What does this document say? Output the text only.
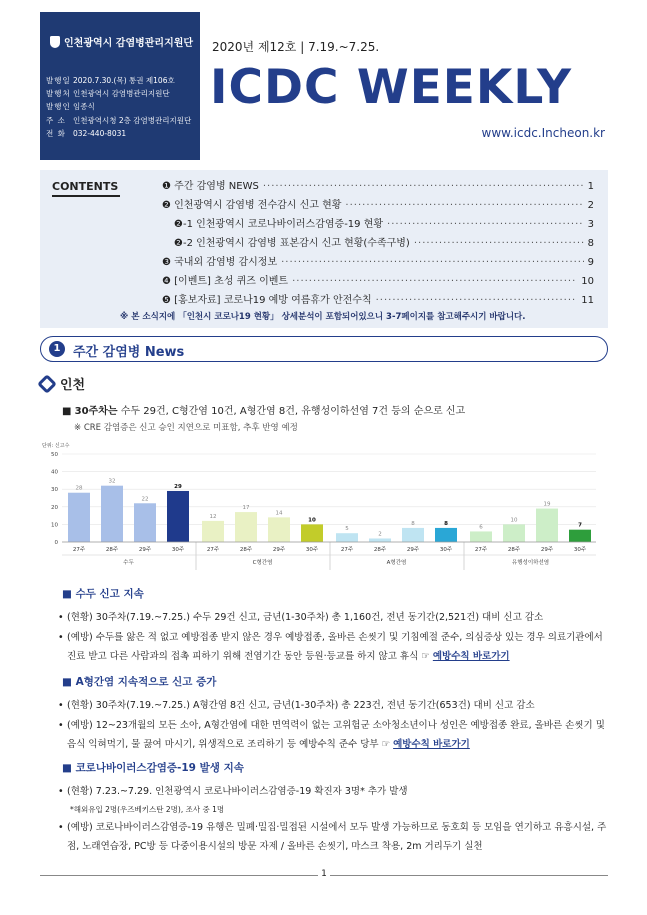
인천광역시 감염병관리지원단
발행일 2020.7.30.(목) 통권 제106호
발행처 인천광역시 감염병관리지원단
발행인 임종식
주 소 인천광역시청 2층 감염병관리지원단
전 화 032-440-8031
2020년 제12호 | 7.19.~7.25.
ICDC WEEKLY
www.icdc.Incheon.kr
CONTENTS	❶ 주간 감염병 NEWS ·····	1
❷ 인천광역시 감염병 전수감시 신고 현황 ·····	2
❷-1 인천광역시 코로나바이러스감염증-19 현황 ·····	3
❷-2 인천광역시 감염병 표본감시 신고 현황(수족구병) ·····	8
❸ 국내외 감염병 감시정보 ·····	9
❹ [이벤트] 초성 퀴즈 이벤트 ·····	10
❺ [홍보자료] 코로나19 예방 여름휴가 안전수칙 ·····	11
※ 본 소식지에 「인천시 코로나19 현황」 상세분석이 포함되어있으니 3-7페이지를 참고해주시기 바랍니다.
1 주간 감염병 News
인천
■ 30주차는 수두 29건, C형간염 10건, A형간염 8건, 유행성이하선염 7건 등의 순으로 신고
※ CRE 감염증은 신고 승인 지연으로 미표함, 추후 반영 예정
단위: 신고수
0
10
20
30
40
50
28
27주
32
28주
22
29주
29
30주
수두
12
27주
17
28주
14
29주
10
30주
C형간염
5
27주
2
28주
8
29주
8
30주
A형간염
6
27주
10
28주
19
29주
7
30주
유행성이하선염
■ 수두 신고 지속
• (현황) 30주차(7.19.~7.25.) 수두 29건 신고, 금년(1-30주차) 총 1,160건, 전년 동기간(2,521건) 대비 신고 감소
• (예방) 수두를 앓은 적 없고 예방접종 받지 않은 경우 예방접종, 올바른 손씻기 및 기침예절 준수, 의심증상 있는 경우 의료기관에서 진료 받고 다른 사람과의 접촉 피하기 위해 전염기간 동안 등원·등교를 하지 않고 휴식 ☞ 예방수칙 바로가기
■ A형간염 지속적으로 신고 증가
• (현황) 30주차(7.19.~7.25.) A형간염 8건 신고, 금년(1-30주차) 총 223건, 전년 동기간(653건) 대비 신고 감소
• (예방) 12~23개월의 모든 소아, A형간염에 대한 면역력이 없는 고위험군 소아청소년이나 성인은 예방접종 완료, 올바른 손씻기 및 음식 익혀먹기, 물 끓여 마시기, 위생적으로 조리하기 등 예방수칙 준수 당부 ☞ 예방수칙 바로가기
■ 코로나바이러스감염증-19 발생 지속
• (현황) 7.23.~7.29. 인천광역시 코로나바이러스감염증-19 확진자 3명* 추가 발생
*해외유입 2명(우즈베키스탄 2명), 조사 중 1명
• (예방) 코로나바이러스감염증-19 유행은 밀폐·밀집·밀접된 시설에서 모두 발생 가능하므로 동호회 등 모임을 연기하고 유흥시설, 주점, 노래연습장, PC방 등 다중이용시설의 방문 자제 / 올바른 손씻기, 마스크 착용, 2m 거리두기 실천
1
